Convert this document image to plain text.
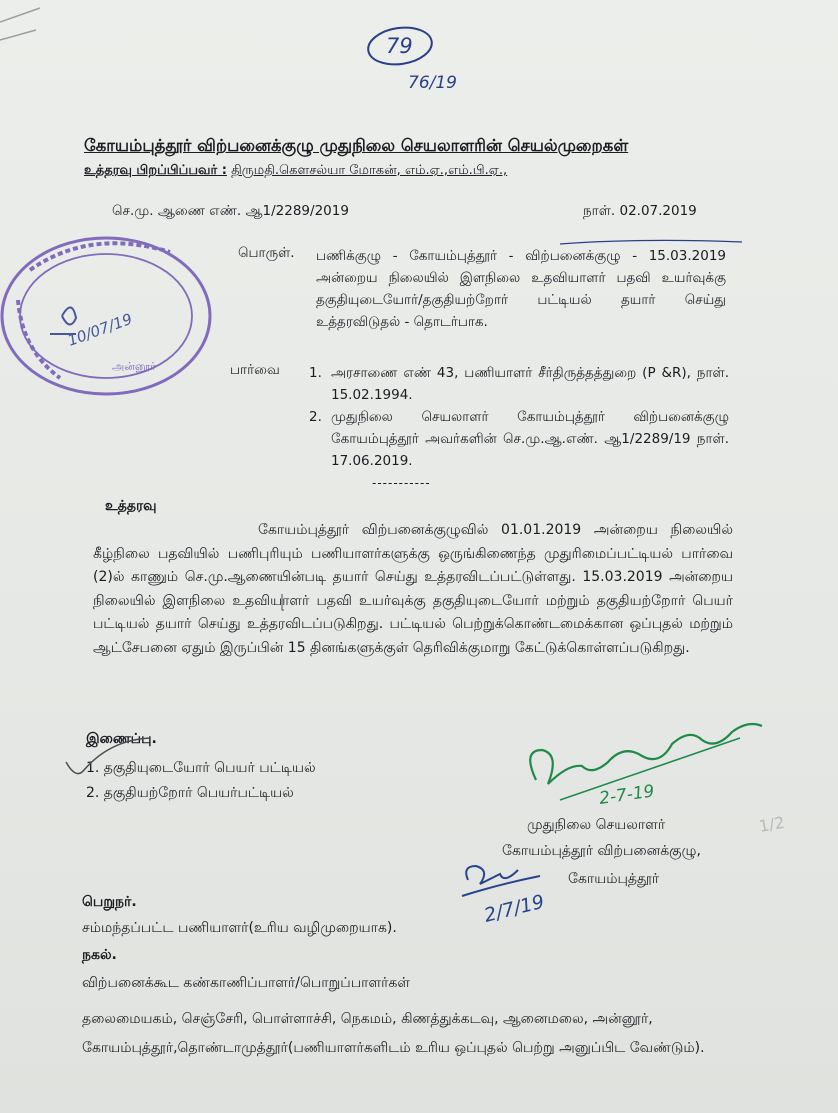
கோயம்புத்தூர் விற்பனைக்குழு முதுநிலை செயலாளரின் செயல்முறைகள்
உத்தரவு பிறப்பிப்பவர் : திருமதி.கௌசல்யா மோகன், எம்.ஏ.,எம்.பி.ஏ.,
செ.மு. ஆணை எண். ஆ1/2289/2019	நாள். 02.07.2019
பொருள். பணிக்குழு - கோயம்புத்தூர் - விற்பனைக்குழு - 15.03.2019 அன்றைய நிலையில் இளநிலை உதவியாளர் பதவி உயர்வுக்கு தகுதியுடையோர்/தகுதியற்றோர் பட்டியல் தயார் செய்து உத்தரவிடுதல் - தொடர்பாக.
பார்வை 1. அரசாணை எண் 43, பணியாளர் சீர்திருத்தத்துறை (P &R), நாள். 15.02.1994.
2. முதுநிலை செயலாளர் கோயம்புத்தூர் விற்பனைக்குழு கோயம்புத்தூர் அவர்களின் செ.மு.ஆ.எண். ஆ1/2289/19 நாள். 17.06.2019.
-----------
உத்தரவு
கோயம்புத்தூர் விற்பனைக்குழுவில் 01.01.2019 அன்றைய நிலையில் கீழ்நிலை பதவியில் பணிபுரியும் பணியாளர்களுக்கு ஒருங்கிணைந்த முதுரிமைப்பட்டியல் பார்வை (2)ல் காணும் செ.மு.ஆணையின்படி தயார் செய்து உத்தரவிடப்பட்டுள்ளது. 15.03.2019 அன்றைய நிலையில் இளநிலை உதவியாளர் பதவி உயர்வுக்கு தகுதியுடையோர் மற்றும் தகுதியற்றோர் பெயர் பட்டியல் தயார் செய்து உத்தரவிடப்படுகிறது. பட்டியல் பெற்றுக்கொண்டமைக்கான ஒப்புதல் மற்றும் ஆட்சேபனை ஏதும் இருப்பின் 15 தினங்களுக்குள் தெரிவிக்குமாறு கேட்டுக்கொள்ளப்படுகிறது.
இணைப்பு.
1. தகுதியுடையோர் பெயர் பட்டியல்
2. தகுதியற்றோர் பெயர்பட்டியல்
முதுநிலை செயலாளர்
கோயம்புத்தூர் விற்பனைக்குழு,
கோயம்புத்தூர்
பெறுநர்.
சம்மந்தப்பட்ட பணியாளர்(உரிய வழிமுறையாக).
நகல்.
விற்பனைக்கூட கண்காணிப்பாளர்/பொறுப்பாளர்கள்
தலைமையகம், செஞ்சேரி, பொள்ளாச்சி, நெகமம், கிணத்துக்கடவு, ஆனைமலை, அன்னூர், கோயம்புத்தூர்,தொண்டாமுத்தூர்(பணியாளர்களிடம் உரிய ஒப்புதல் பெற்று அனுப்பிட வேண்டும்).
79
76/19
அன்னூர்
10/07/19
2-7-19
1/2
2/7/19
